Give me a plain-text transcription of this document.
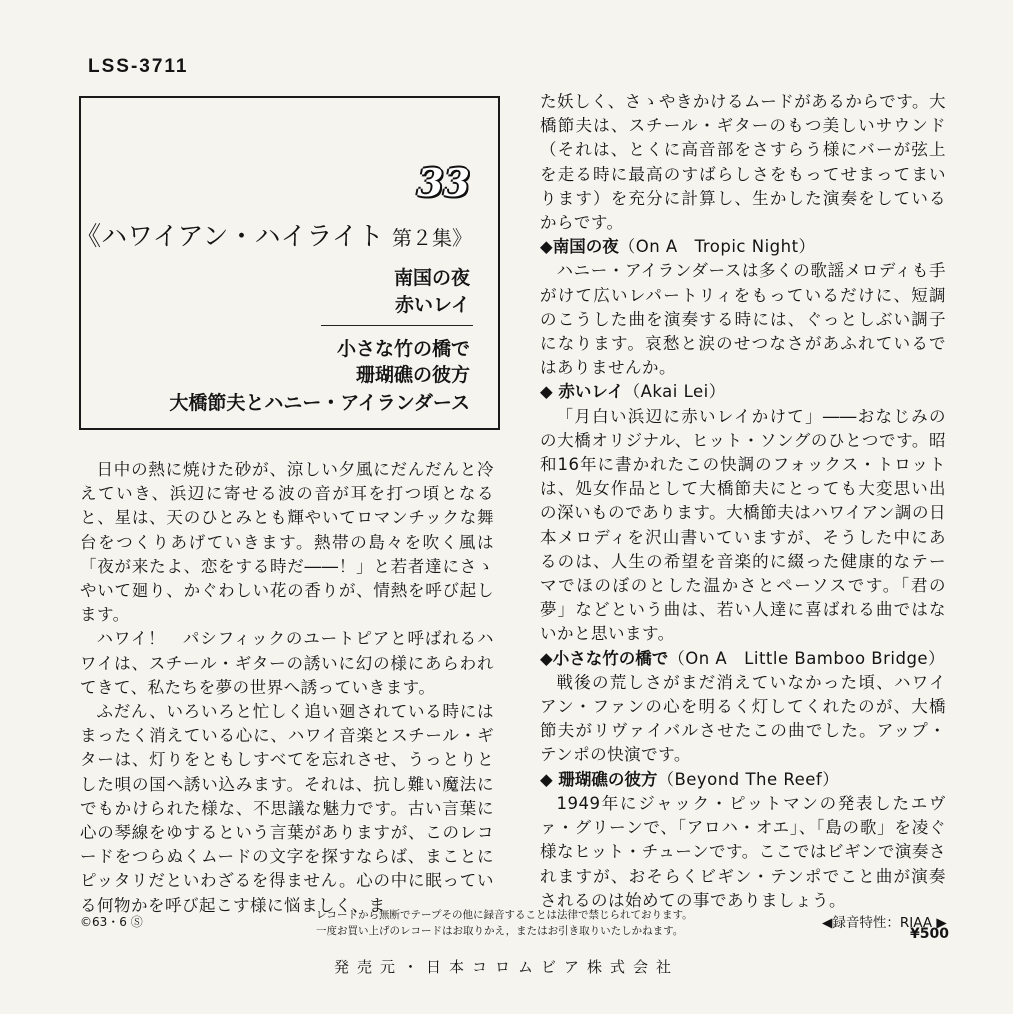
LSS-3711
33
《ハワイアン・ハイライト 第２集》
南国の夜
赤いレイ
小さな竹の橋で
珊瑚礁の彼方
大橋節夫とハニー・アイランダース

日中の熱に焼けた砂が、涼しい夕風にだんだんと冷えていき、浜辺に寄せる波の音が耳を打つ頃となると、星は、天のひとみとも輝やいてロマンチックな舞台をつくりあげていきます。熱帯の島々を吹く風は「夜が来たよ、恋をする時だ――！」と若者達にさゝやいて廻り、かぐわしい花の香りが、情熱を呼び起します。

ハワイ！　パシフィックのユートピアと呼ばれるハワイは、スチール・ギターの誘いに幻の様にあらわれてきて、私たちを夢の世界へ誘っていきます。

ふだん、いろいろと忙しく追い廻されている時にはまったく消えている心に、ハワイ音楽とスチール・ギターは、灯りをともしすべてを忘れさせ、うっとりとした唄の国へ誘い込みます。それは、抗し難い魔法にでもかけられた様な、不思議な魅力です。古い言葉に心の琴線をゆするという言葉がありますが、このレコードをつらぬくムードの文字を探すならば、まことにピッタリだといわざるを得ません。心の中に眠っている何物かを呼び起こす様に悩ましく、ま

た妖しく、さゝやきかけるムードがあるからです。大橋節夫は、スチール・ギターのもつ美しいサウンド（それは、とくに高音部をさすらう様にバーが弦上を走る時に最高のすばらしさをもってせまってまいります）を充分に計算し、生かした演奏をしているからです。

◆南国の夜（On A　Tropic Night）

ハニー・アイランダースは多くの歌謡メロディも手がけて広いレパートリィをもっているだけに、短調のこうした曲を演奏する時には、ぐっとしぶい調子になります。哀愁と涙のせつなさがあふれているではありませんか。

◆ 赤いレイ（Akai Lei）

「月白い浜辺に赤いレイかけて」――おなじみのの大橋オリジナル、ヒット・ソングのひとつです。昭和16年に書かれたこの快調のフォックス・トロットは、処女作品として大橋節夫にとっても大変思い出の深いものであります。大橋節夫はハワイアン調の日本メロディを沢山書いていますが、そうした中にあるのは、人生の希望を音楽的に綴った健康的なテーマでほのぼのとした温かさとペーソスです。「君の夢」などという曲は、若い人達に喜ばれる曲ではないかと思います。

◆小さな竹の橋で（On A　Little Bamboo Bridge）

戦後の荒しさがまだ消えていなかった頃、ハワイアン・ファンの心を明るく灯してくれたのが、大橋節夫がリヴァイバルさせたこの曲でした。アップ・テンポの快演です。

◆ 珊瑚礁の彼方（Beyond The Reef）

1949年にジャック・ピットマンの発表したエヴァ・グリーンで、「アロハ・オエ」、「島の歌」を凌ぐ様なヒット・チューンです。ここではビギンで演奏されますが、おそらくビギン・テンポでこと曲が演奏されるのは始めての事でありましょう。

©63・6 Ⓢ	レコードから無断でテープその他に録音することは法律で禁じられております。
一度お買い上げのレコードはお取りかえ，またはお引き取りいたしかねます。	◀録音特性：RIAA ▶
¥500
発売元・日本コロムビア株式会社
